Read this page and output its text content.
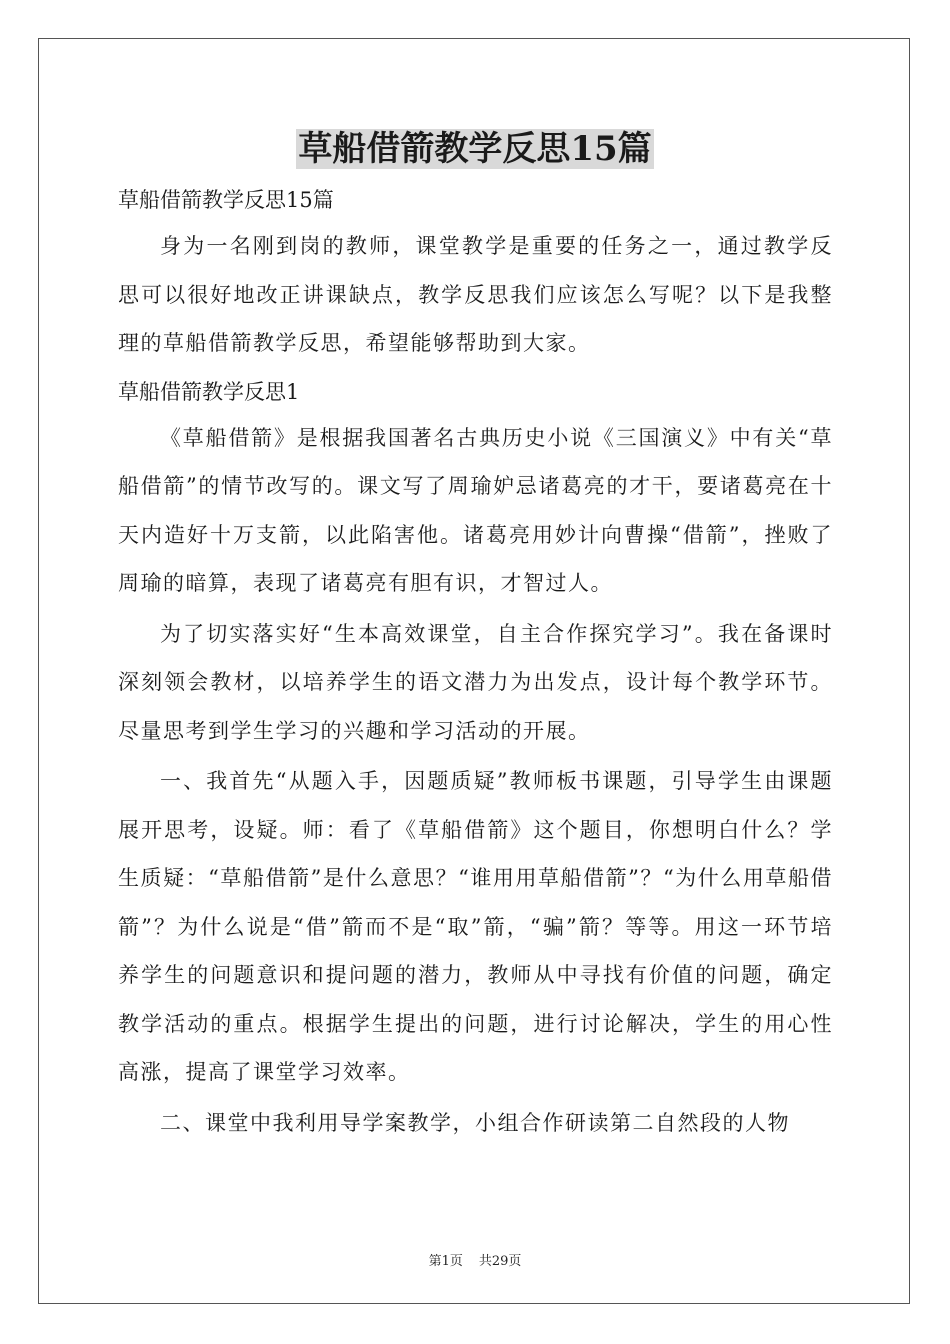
草船借箭教学反思15篇

草船借箭教学反思15篇

身为一名刚到岗的教师，课堂教学是重要的任务之一，通过教学反思可以很好地改正讲课缺点，教学反思我们应该怎么写呢？以下是我整理的草船借箭教学反思，希望能够帮助到大家。

草船借箭教学反思1

《草船借箭》是根据我国著名古典历史小说《三国演义》中有关“草船借箭”的情节改写的。课文写了周瑜妒忌诸葛亮的才干，要诸葛亮在十天内造好十万支箭，以此陷害他。诸葛亮用妙计向曹操“借箭”，挫败了周瑜的暗算，表现了诸葛亮有胆有识，才智过人。

为了切实落实好“生本高效课堂，自主合作探究学习”。我在备课时深刻领会教材，以培养学生的语文潜力为出发点，设计每个教学环节。尽量思考到学生学习的兴趣和学习活动的开展。

一、我首先“从题入手，因题质疑”教师板书课题，引导学生由课题展开思考，设疑。师：看了《草船借箭》这个题目，你想明白什么？学生质疑：“草船借箭”是什么意思？“谁用用草船借箭”？“为什么用草船借箭”？为什么说是“借”箭而不是“取”箭，“骗”箭？等等。用这一环节培养学生的问题意识和提问题的潜力，教师从中寻找有价值的问题，确定教学活动的重点。根据学生提出的问题，进行讨论解决，学生的用心性高涨，提高了课堂学习效率。

二、课堂中我利用导学案教学，小组合作研读第二自然段的人物

第1页 共29页
